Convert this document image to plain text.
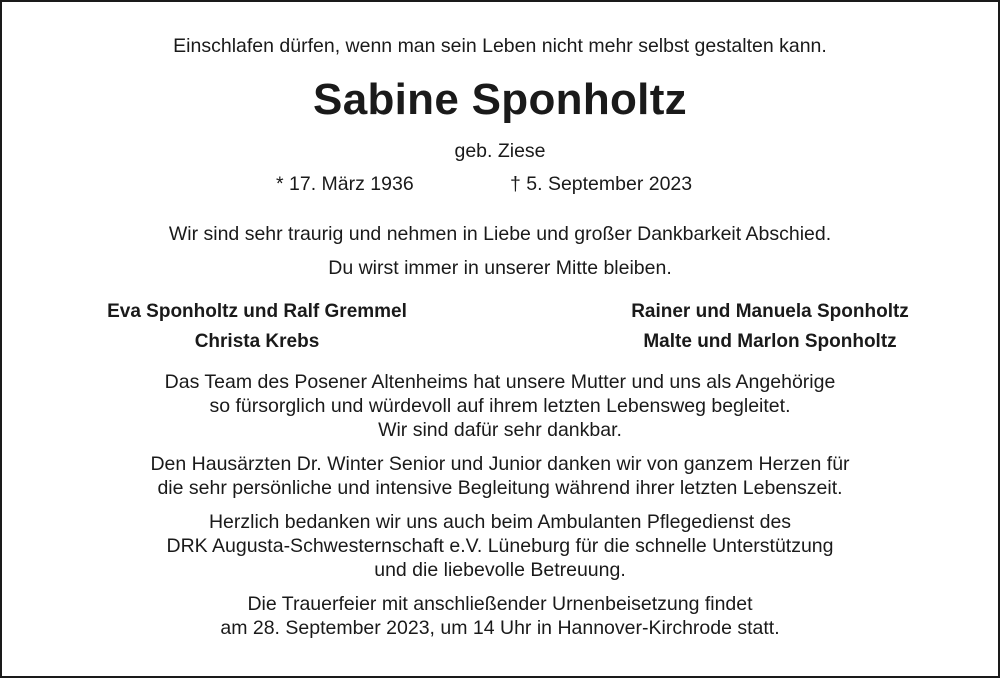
Einschlafen dürfen, wenn man sein Leben nicht mehr selbst gestalten kann.
Sabine Sponholtz
geb. Ziese
* 17. März 1936	† 5. September 2023
Wir sind sehr traurig und nehmen in Liebe und großer Dankbarkeit Abschied.
Du wirst immer in unserer Mitte bleiben.
Eva Sponholtz und Ralf Gremmel
Christa Krebs
Rainer und Manuela Sponholtz
Malte und Marlon Sponholtz
Das Team des Posener Altenheims hat unsere Mutter und uns als Angehörige
so fürsorglich und würdevoll auf ihrem letzten Lebensweg begleitet.
Wir sind dafür sehr dankbar.
Den Hausärzten Dr. Winter Senior und Junior danken wir von ganzem Herzen für
die sehr persönliche und intensive Begleitung während ihrer letzten Lebenszeit.
Herzlich bedanken wir uns auch beim Ambulanten Pflegedienst des
DRK Augusta-Schwesternschaft e.V. Lüneburg für die schnelle Unterstützung
und die liebevolle Betreuung.
Die Trauerfeier mit anschließender Urnenbeisetzung findet
am 28. September 2023, um 14 Uhr in Hannover-Kirchrode statt.
